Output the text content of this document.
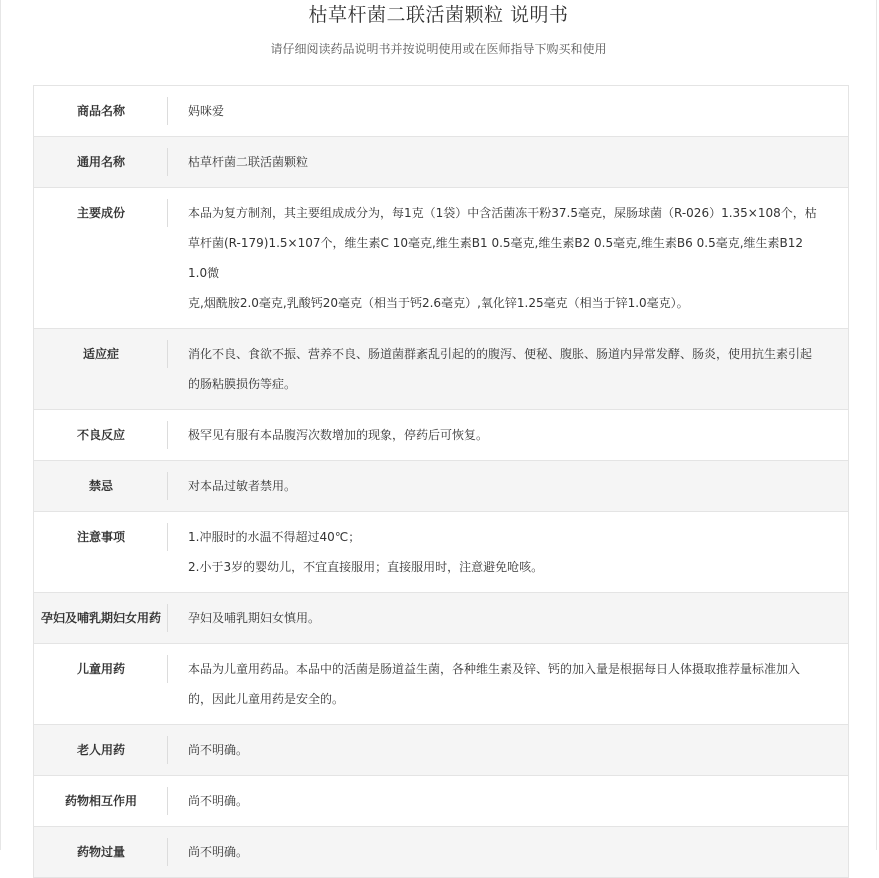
枯草杆菌二联活菌颗粒 说明书
请仔细阅读药品说明书并按说明使用或在医师指导下购买和使用
商品名称	妈咪爱
通用名称	枯草杆菌二联活菌颗粒
主要成份	本品为复方制剂，其主要组成成分为，每1克（1袋）中含活菌冻干粉37.5毫克，屎肠球菌（R-026）1.35×108个，枯
草杆菌(R-179)1.5×107个，维生素C 10毫克,维生素B1 0.5毫克,维生素B2 0.5毫克,维生素B6 0.5毫克,维生素B12 1.0微
克,烟酰胺2.0毫克,乳酸钙20毫克（相当于钙2.6毫克）,氧化锌1.25毫克（相当于锌1.0毫克）。
适应症	消化不良、食欲不振、营养不良、肠道菌群紊乱引起的的腹泻、便秘、腹胀、肠道内异常发酵、肠炎，使用抗生素引起
的肠粘膜损伤等症。
不良反应	极罕见有服有本品腹泻次数增加的现象，停药后可恢复。
禁忌	对本品过敏者禁用。
注意事项	1.冲服时的水温不得超过40℃；
2.小于3岁的婴幼儿，不宜直接服用；直接服用时，注意避免呛咳。
孕妇及哺乳期妇女用药	孕妇及哺乳期妇女慎用。
儿童用药	本品为儿童用药品。本品中的活菌是肠道益生菌，各种维生素及锌、钙的加入量是根据每日人体摄取推荐量标准加入
的，因此儿童用药是安全的。
老人用药	尚不明确。
药物相互作用	尚不明确。
药物过量	尚不明确。
